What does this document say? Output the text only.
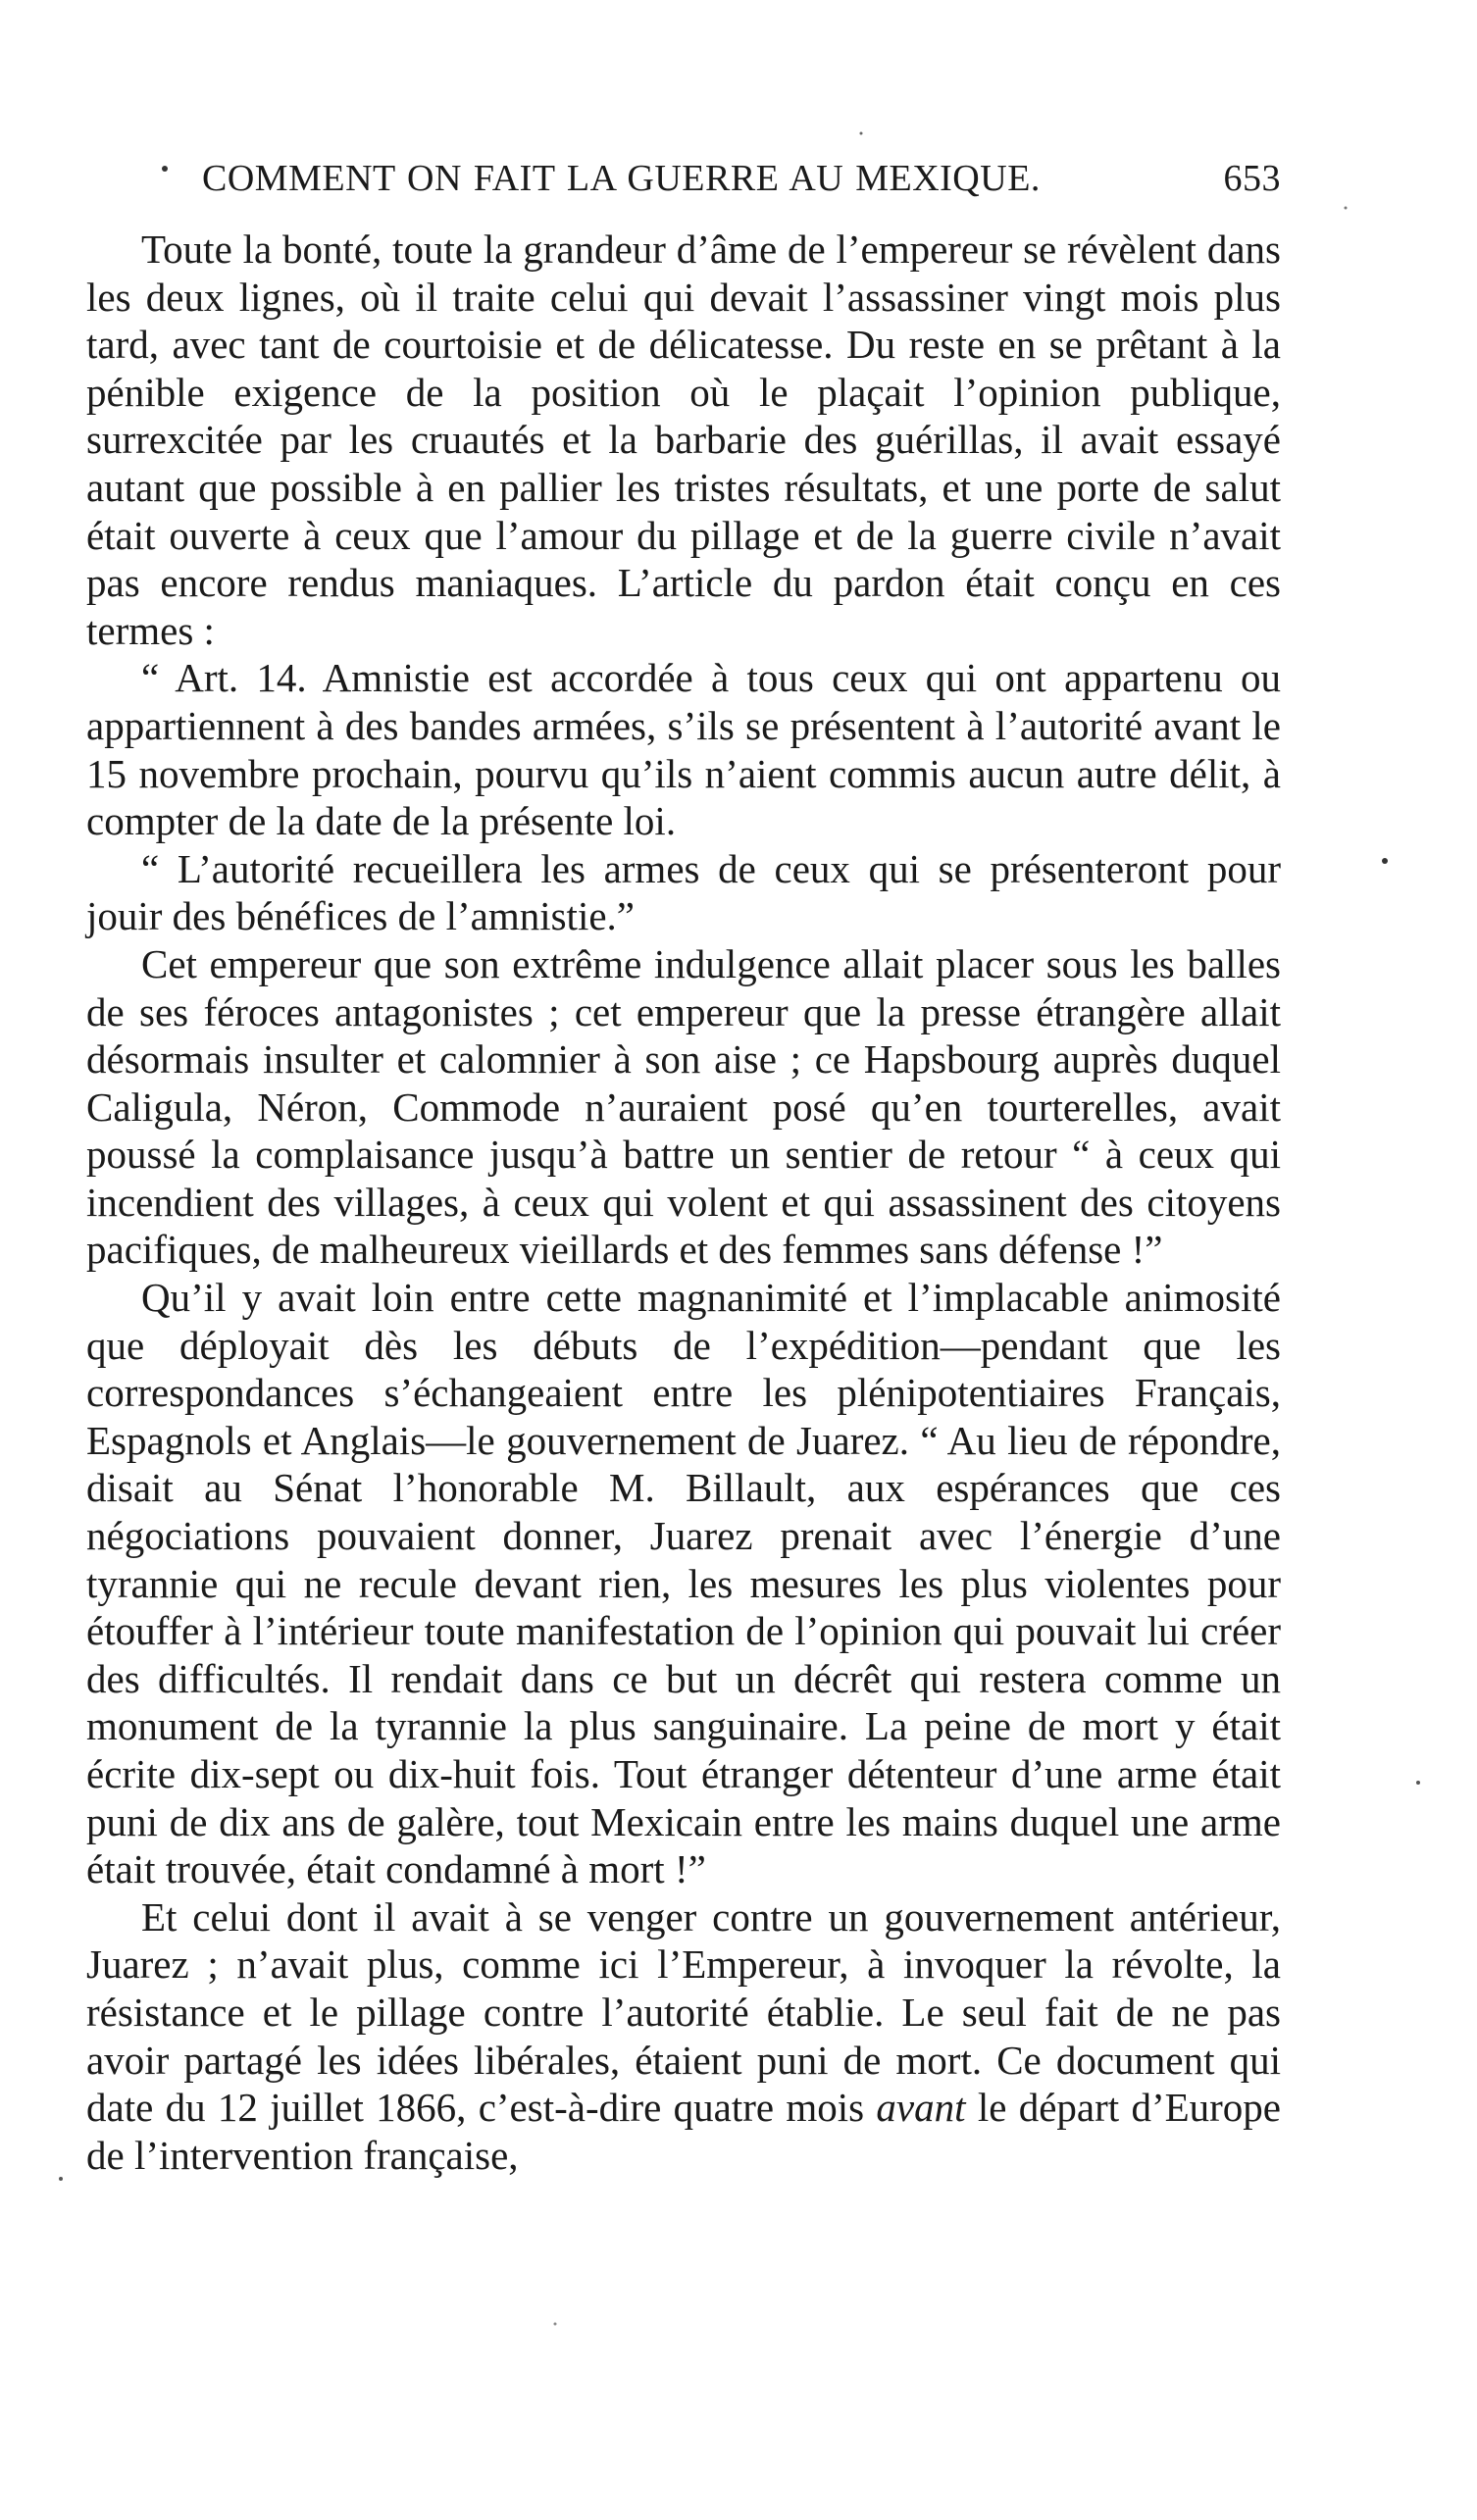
COMMENT ON FAIT LA GUERRE AU MEXIQUE.	653

Toute la bonté, toute la grandeur d’âme de l’empereur se révèlent dans les deux lignes, où il traite celui qui devait l’assassiner vingt mois plus tard, avec tant de courtoisie et de délicatesse. Du reste en se prêtant à la pénible exigence de la position où le plaçait l’opinion publique, surrexcitée par les cruautés et la barbarie des guérillas, il avait essayé autant que possible à en pallier les tristes résultats, et une porte de salut était ouverte à ceux que l’amour du pillage et de la guerre civile n’avait pas encore rendus maniaques. L’article du pardon était conçu en ces termes :

“ Art. 14. Amnistie est accordée à tous ceux qui ont appartenu ou appartiennent à des bandes armées, s’ils se présentent à l’autorité avant le 15 novembre prochain, pourvu qu’ils n’aient commis aucun autre délit, à compter de la date de la présente loi.

“ L’autorité recueillera les armes de ceux qui se présenteront pour jouir des bénéfices de l’amnistie.”

Cet empereur que son extrême indulgence allait placer sous les balles de ses féroces antagonistes ; cet empereur que la presse étrangère allait désormais insulter et calomnier à son aise ; ce Hapsbourg auprès duquel Caligula, Néron, Commode n’auraient posé qu’en tourterelles, avait poussé la complaisance jusqu’à battre un sentier de retour “ à ceux qui incendient des villages, à ceux qui volent et qui assassinent des citoyens pacifiques, de malheureux vieillards et des femmes sans défense !”

Qu’il y avait loin entre cette magnanimité et l’implacable animosité que déployait dès les débuts de l’expédition—pendant que les correspondances s’échangeaient entre les plénipotentiaires Français, Espagnols et Anglais—le gouvernement de Juarez. “ Au lieu de répondre, disait au Sénat l’honorable M. Billault, aux espérances que ces négociations pouvaient donner, Juarez prenait avec l’énergie d’une tyrannie qui ne recule devant rien, les mesures les plus violentes pour étouffer à l’intérieur toute manifestation de l’opinion qui pouvait lui créer des difficultés. Il rendait dans ce but un décrêt qui restera comme un monument de la tyrannie la plus sanguinaire. La peine de mort y était écrite dix-sept ou dix-huit fois. Tout étranger détenteur d’une arme était puni de dix ans de galère, tout Mexicain entre les mains duquel une arme était trouvée, était condamné à mort !”

Et celui dont il avait à se venger contre un gouvernement antérieur, Juarez ; n’avait plus, comme ici l’Empereur, à invoquer la révolte, la résistance et le pillage contre l’autorité établie. Le seul fait de ne pas avoir partagé les idées libérales, étaient puni de mort. Ce document qui date du 12 juillet 1866, c’est-à-dire quatre mois avant le départ d’Europe de l’intervention française,
